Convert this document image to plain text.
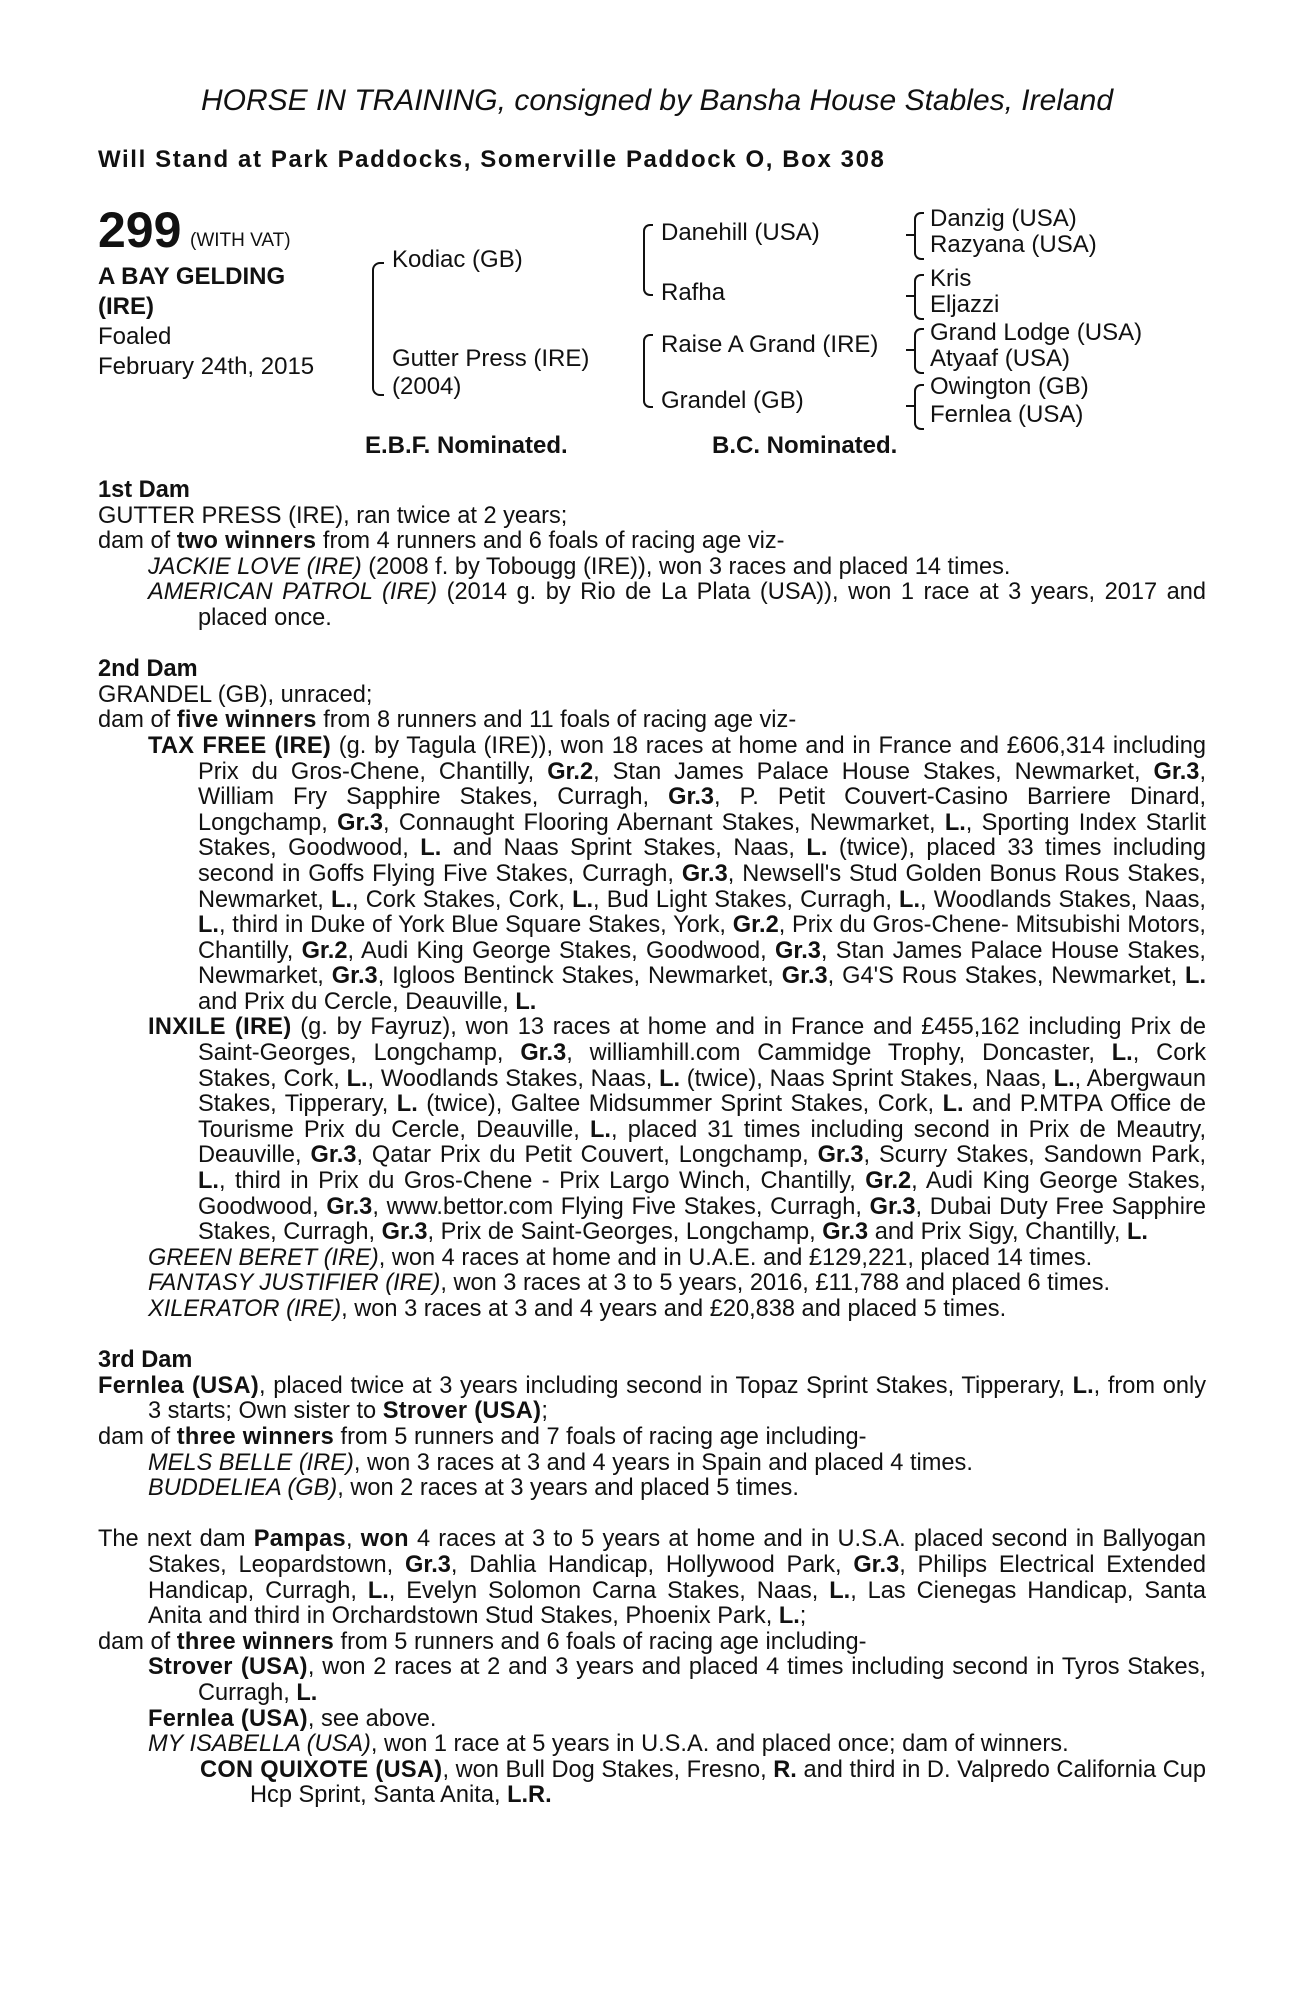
HORSE IN TRAINING, consigned by Bansha House Stables, Ireland
Will Stand at Park Paddocks, Somerville Paddock O, Box 308
299 (WITH VAT)
A BAY GELDING
(IRE)
Foaled
February 24th, 2015
Kodiac (GB)
Gutter Press (IRE)
(2004)
Danehill (USA)
Rafha
Raise A Grand (IRE)
Grandel (GB)
Danzig (USA)
Razyana (USA)
Kris
Eljazzi
Grand Lodge (USA)
Atyaaf (USA)
Owington (GB)
Fernlea (USA)
E.B.F. Nominated.	B.C. Nominated.
1st Dam
GUTTER PRESS (IRE), ran twice at 2 years;
dam of two winners from 4 runners and 6 foals of racing age viz-
JACKIE LOVE (IRE) (2008 f. by Tobougg (IRE)), won 3 races and placed 14 times.
AMERICAN PATROL (IRE) (2014 g. by Rio de La Plata (USA)), won 1 race at 3 years, 2017 and placed once.
2nd Dam
GRANDEL (GB), unraced;
dam of five winners from 8 runners and 11 foals of racing age viz-
TAX FREE (IRE) (g. by Tagula (IRE)), won 18 races at home and in France and £606,314 including Prix du Gros-Chene, Chantilly, Gr.2, Stan James Palace House Stakes, Newmarket, Gr.3, William Fry Sapphire Stakes, Curragh, Gr.3, P. Petit Couvert-Casino Barriere Dinard, Longchamp, Gr.3, Connaught Flooring Abernant Stakes, Newmarket, L., Sporting Index Starlit Stakes, Goodwood, L. and Naas Sprint Stakes, Naas, L. (twice), placed 33 times including second in Goffs Flying Five Stakes, Curragh, Gr.3, Newsell's Stud Golden Bonus Rous Stakes, Newmarket, L., Cork Stakes, Cork, L., Bud Light Stakes, Curragh, L., Woodlands Stakes, Naas, L., third in Duke of York Blue Square Stakes, York, Gr.2, Prix du Gros-Chene- Mitsubishi Motors, Chantilly, Gr.2, Audi King George Stakes, Goodwood, Gr.3, Stan James Palace House Stakes, Newmarket, Gr.3, Igloos Bentinck Stakes, Newmarket, Gr.3, G4'S Rous Stakes, Newmarket, L. and Prix du Cercle, Deauville, L.
INXILE (IRE) (g. by Fayruz), won 13 races at home and in France and £455,162 including Prix de Saint-Georges, Longchamp, Gr.3, williamhill.com Cammidge Trophy, Doncaster, L., Cork Stakes, Cork, L., Woodlands Stakes, Naas, L. (twice), Naas Sprint Stakes, Naas, L., Abergwaun Stakes, Tipperary, L. (twice), Galtee Midsummer Sprint Stakes, Cork, L. and P.MTPA Office de Tourisme Prix du Cercle, Deauville, L., placed 31 times including second in Prix de Meautry, Deauville, Gr.3, Qatar Prix du Petit Couvert, Longchamp, Gr.3, Scurry Stakes, Sandown Park, L., third in Prix du Gros-Chene - Prix Largo Winch, Chantilly, Gr.2, Audi King George Stakes, Goodwood, Gr.3, www.bettor.com Flying Five Stakes, Curragh, Gr.3, Dubai Duty Free Sapphire Stakes, Curragh, Gr.3, Prix de Saint-Georges, Longchamp, Gr.3 and Prix Sigy, Chantilly, L.
GREEN BERET (IRE), won 4 races at home and in U.A.E. and £129,221, placed 14 times.
FANTASY JUSTIFIER (IRE), won 3 races at 3 to 5 years, 2016, £11,788 and placed 6 times.
XILERATOR (IRE), won 3 races at 3 and 4 years and £20,838 and placed 5 times.
3rd Dam
Fernlea (USA), placed twice at 3 years including second in Topaz Sprint Stakes, Tipperary, L., from only 3 starts; Own sister to Strover (USA);
dam of three winners from 5 runners and 7 foals of racing age including-
MELS BELLE (IRE), won 3 races at 3 and 4 years in Spain and placed 4 times.
BUDDELIEA (GB), won 2 races at 3 years and placed 5 times.
The next dam Pampas, won 4 races at 3 to 5 years at home and in U.S.A. placed second in Ballyogan Stakes, Leopardstown, Gr.3, Dahlia Handicap, Hollywood Park, Gr.3, Philips Electrical Extended Handicap, Curragh, L., Evelyn Solomon Carna Stakes, Naas, L., Las Cienegas Handicap, Santa Anita and third in Orchardstown Stud Stakes, Phoenix Park, L.;
dam of three winners from 5 runners and 6 foals of racing age including-
Strover (USA), won 2 races at 2 and 3 years and placed 4 times including second in Tyros Stakes, Curragh, L.
Fernlea (USA), see above.
MY ISABELLA (USA), won 1 race at 5 years in U.S.A. and placed once; dam of winners.
CON QUIXOTE (USA), won Bull Dog Stakes, Fresno, R. and third in D. Valpredo California Cup Hcp Sprint, Santa Anita, L.R.
